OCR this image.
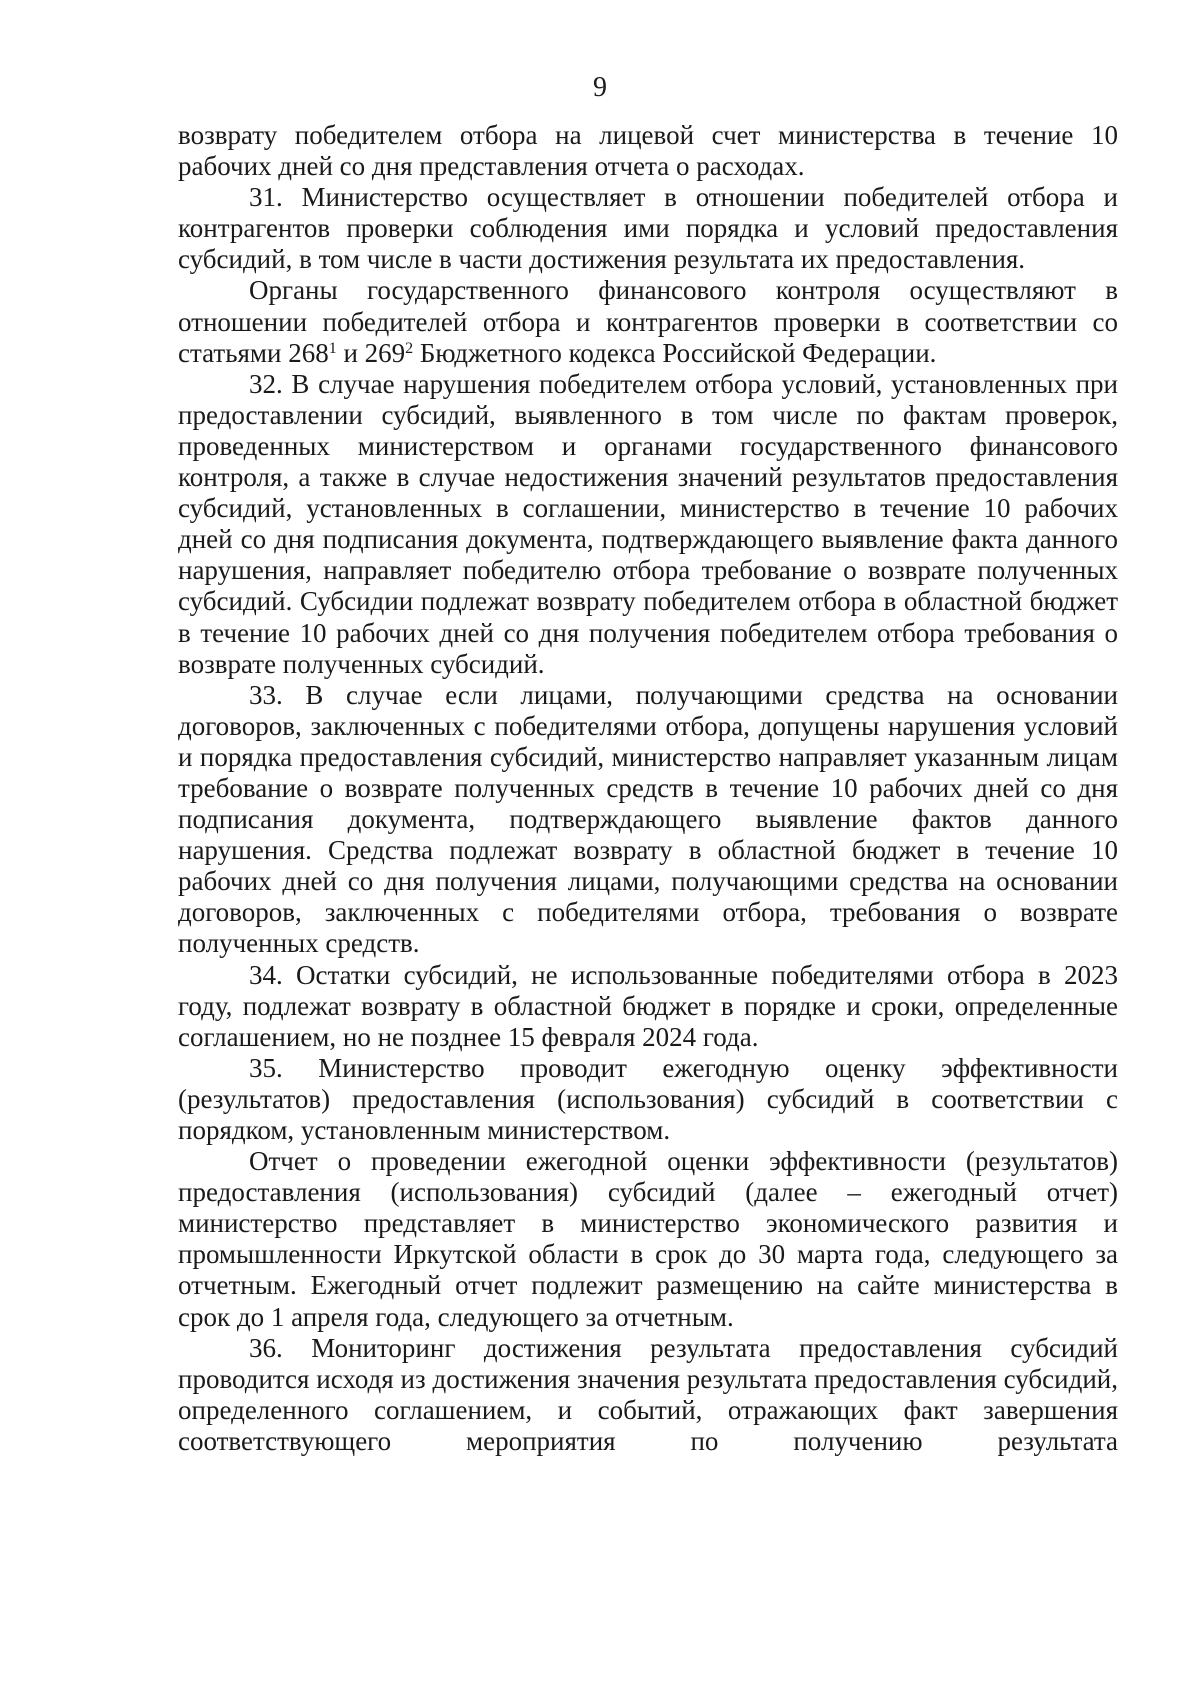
9

возврату победителем отбора на лицевой счет министерства в течение 10 рабочих дней со дня представления отчета о расходах.

31. Министерство осуществляет в отношении победителей отбора и контрагентов проверки соблюдения ими порядка и условий предоставления субсидий, в том числе в части достижения результата их предоставления.

Органы государственного финансового контроля осуществляют в отношении победителей отбора и контрагентов проверки в соответствии со статьями $268^1$ и $269^2$ Бюджетного кодекса Российской Федерации.

32. В случае нарушения победителем отбора условий, установленных при предоставлении субсидий, выявленного в том числе по фактам проверок, проведенных министерством и органами государственного финансового контроля, а также в случае недостижения значений результатов предоставления субсидий, установленных в соглашении, министерство в течение 10 рабочих дней со дня подписания документа, подтверждающего выявление факта данного нарушения, направляет победителю отбора требование о возврате полученных субсидий. Субсидии подлежат возврату победителем отбора в областной бюджет в течение 10 рабочих дней со дня получения победителем отбора требования о возврате полученных субсидий.

33. В случае если лицами, получающими средства на основании договоров, заключенных с победителями отбора, допущены нарушения условий и порядка предоставления субсидий, министерство направляет указанным лицам требование о возврате полученных средств в течение 10 рабочих дней со дня подписания документа, подтверждающего выявление фактов данного нарушения. Средства подлежат возврату в областной бюджет в течение 10 рабочих дней со дня получения лицами, получающими средства на основании договоров, заключенных с победителями отбора, требования о возврате полученных средств.

34. Остатки субсидий, не использованные победителями отбора в 2023 году, подлежат возврату в областной бюджет в порядке и сроки, определенные соглашением, но не позднее 15 февраля 2024 года.

35. Министерство проводит ежегодную оценку эффективности (результатов) предоставления (использования) субсидий в соответствии с порядком, установленным министерством.

Отчет о проведении ежегодной оценки эффективности (результатов) предоставления (использования) субсидий (далее – ежегодный отчет) министерство представляет в министерство экономического развития и промышленности Иркутской области в срок до 30 марта года, следующего за отчетным. Ежегодный отчет подлежит размещению на сайте министерства в срок до 1 апреля года, следующего за отчетным.

36. Мониторинг достижения результата предоставления субсидий проводится исходя из достижения значения результата предоставления субсидий, определенного соглашением, и событий, отражающих факт завершения соответствующего мероприятия по получению результата
